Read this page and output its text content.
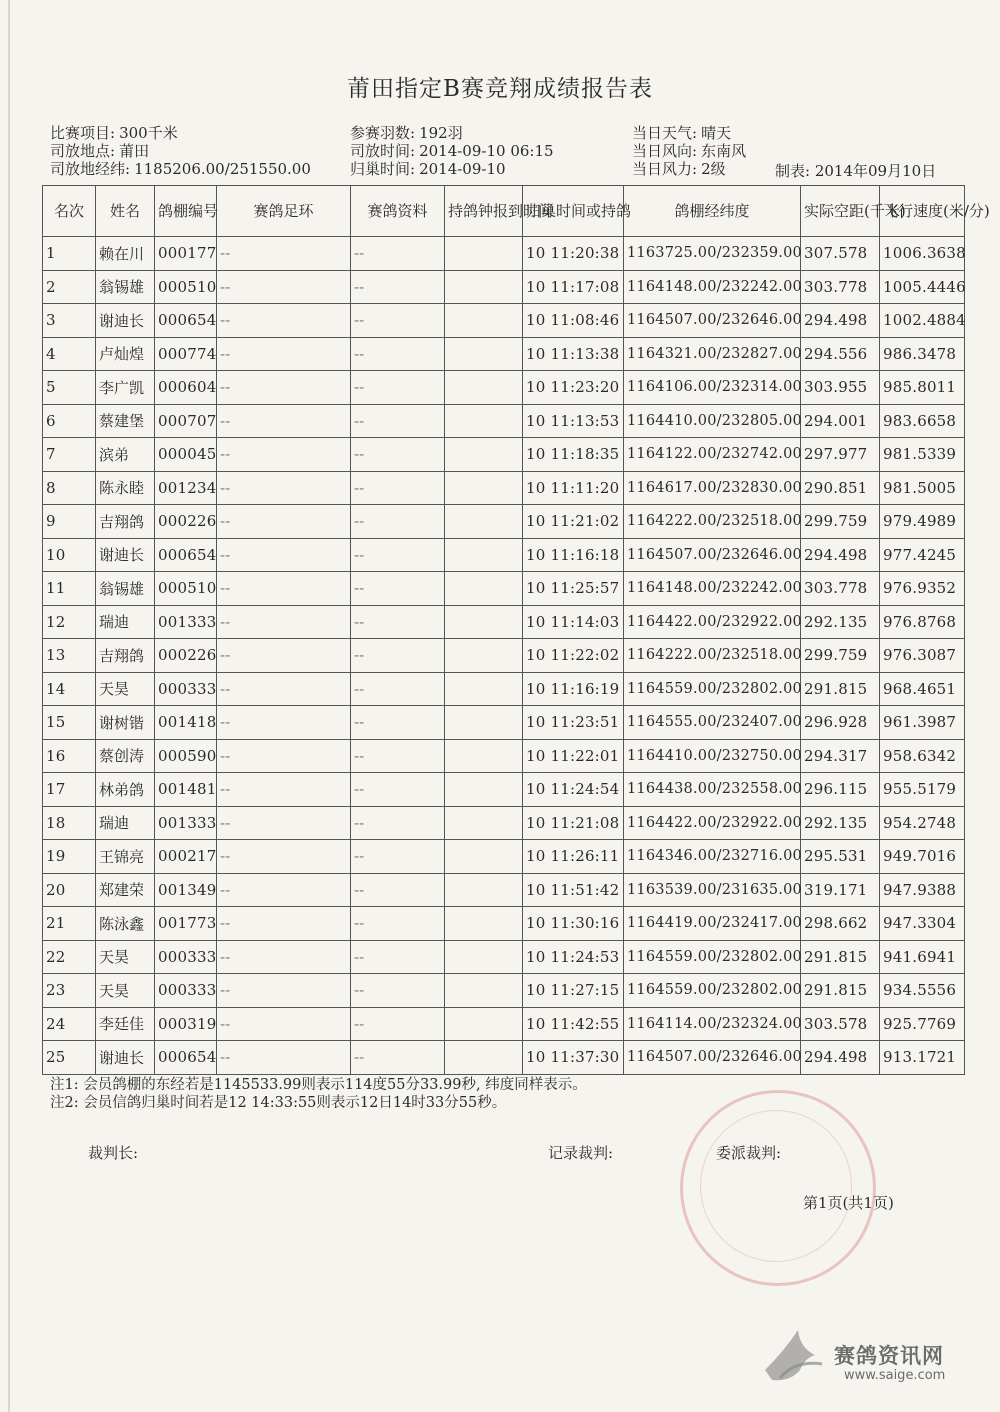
莆田指定B赛竞翔成绩报告表
比赛项目: 300千米
司放地点: 莆田
司放地经纬: 1185206.00/251550.00
参赛羽数: 192羽
司放时间: 2014-09-10 06:15
归巢时间: 2014-09-10
当日天气: 晴天
当日风向: 东南风
当日风力: 2级	制表: 2014年09月10日
名次	姓名	鸽棚编号	赛鸽足环	赛鸽资料	持鸽钟报到时间	归巢时间或持鸽	鸽棚经纬度	实际空距(千米)	飞行速度(米/分)
1	赖在川	000177	--	--		10 11:20:38	1163725.00/232359.00	307.578	1006.3638
2	翁锡雄	000510	--	--		10 11:17:08	1164148.00/232242.00	303.778	1005.4446
3	谢迪长	000654	--	--		10 11:08:46	1164507.00/232646.00	294.498	1002.4884
4	卢灿煌	000774	--	--		10 11:13:38	1164321.00/232827.00	294.556	986.3478
5	李广凯	000604	--	--		10 11:23:20	1164106.00/232314.00	303.955	985.8011
6	蔡建堡	000707	--	--		10 11:13:53	1164410.00/232805.00	294.001	983.6658
7	滨弟	000045	--	--		10 11:18:35	1164122.00/232742.00	297.977	981.5339
8	陈永睦	001234	--	--		10 11:11:20	1164617.00/232830.00	290.851	981.5005
9	吉翔鸽	000226	--	--		10 11:21:02	1164222.00/232518.00	299.759	979.4989
10	谢迪长	000654	--	--		10 11:16:18	1164507.00/232646.00	294.498	977.4245
11	翁锡雄	000510	--	--		10 11:25:57	1164148.00/232242.00	303.778	976.9352
12	瑞迪	001333	--	--		10 11:14:03	1164422.00/232922.00	292.135	976.8768
13	吉翔鸽	000226	--	--		10 11:22:02	1164222.00/232518.00	299.759	976.3087
14	天昊	000333	--	--		10 11:16:19	1164559.00/232802.00	291.815	968.4651
15	谢树锴	001418	--	--		10 11:23:51	1164555.00/232407.00	296.928	961.3987
16	蔡创涛	000590	--	--		10 11:22:01	1164410.00/232750.00	294.317	958.6342
17	林弟鸽	001481	--	--		10 11:24:54	1164438.00/232558.00	296.115	955.5179
18	瑞迪	001333	--	--		10 11:21:08	1164422.00/232922.00	292.135	954.2748
19	王锦亮	000217	--	--		10 11:26:11	1164346.00/232716.00	295.531	949.7016
20	郑建荣	001349	--	--		10 11:51:42	1163539.00/231635.00	319.171	947.9388
21	陈泳鑫	001773	--	--		10 11:30:16	1164419.00/232417.00	298.662	947.3304
22	天昊	000333	--	--		10 11:24:53	1164559.00/232802.00	291.815	941.6941
23	天昊	000333	--	--		10 11:27:15	1164559.00/232802.00	291.815	934.5556
24	李廷佳	000319	--	--		10 11:42:55	1164114.00/232324.00	303.578	925.7769
25	谢迪长	000654	--	--		10 11:37:30	1164507.00/232646.00	294.498	913.1721
注1: 会员鸽棚的东经若是1145533.99则表示114度55分33.99秒, 纬度同样表示。
注2: 会员信鸽归巢时间若是12 14:33:55则表示12日14时33分55秒。
裁判长:	记录裁判:	委派裁判:
第1页(共1页)
赛鸽资讯网
www.saige.com
